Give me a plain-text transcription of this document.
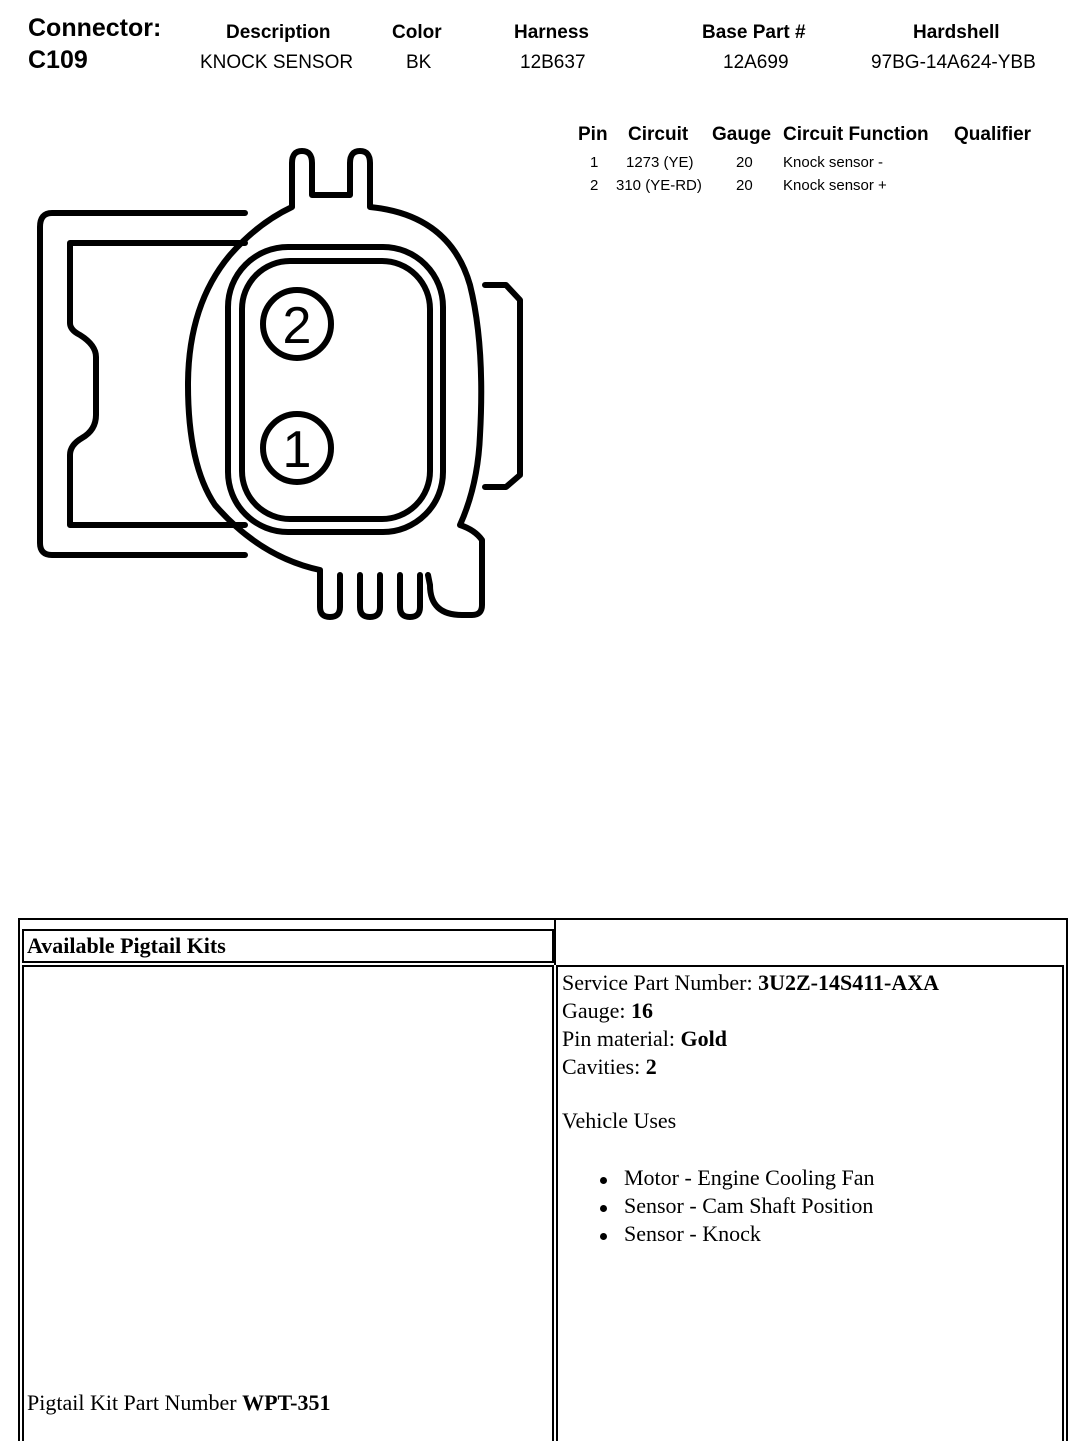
Connector:
C109
Description
KNOCK SENSOR
Color
BK
Harness
12B637
Base Part #
12A699
Hardshell
97BG-14A624-YBB
Pin Circuit Gauge Circuit Function Qualifier
1 1273 (YE)	20 Knock sensor -
2 310 (YE-RD) 20 Knock sensor +
2
1
Available Pigtail Kits
Service Part Number: 3U2Z-14S411-AXA
Gauge: 16
Pin material: Gold
Cavities: 2
Vehicle Uses
Motor - Engine Cooling Fan
Sensor - Cam Shaft Position
Sensor - Knock
Pigtail Kit Part Number WPT-351
